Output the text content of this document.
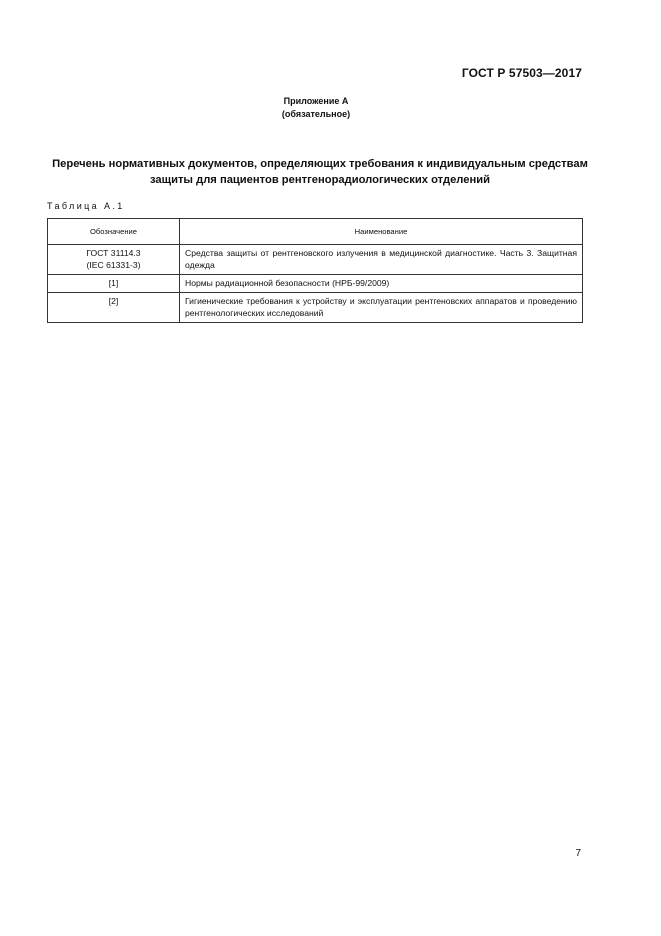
ГОСТ Р 57503—2017
Приложение А
(обязательное)
Перечень нормативных документов, определяющих требования к индивидуальным средствам защиты для пациентов рентгенорадиологических отделений
Таблица А.1
Обозначение	Наименование

ГОСТ 31114.3
(IEC 61331-3)	Средства защиты от рентгеновского излучения в медицинской диагностике. Часть 3. Защитная одежда

[1]	Нормы радиационной безопасности (НРБ-99/2009)

[2]	Гигиенические требования к устройству и эксплуатации рентгеновских аппаратов и проведению рентгенологических исследований
7
